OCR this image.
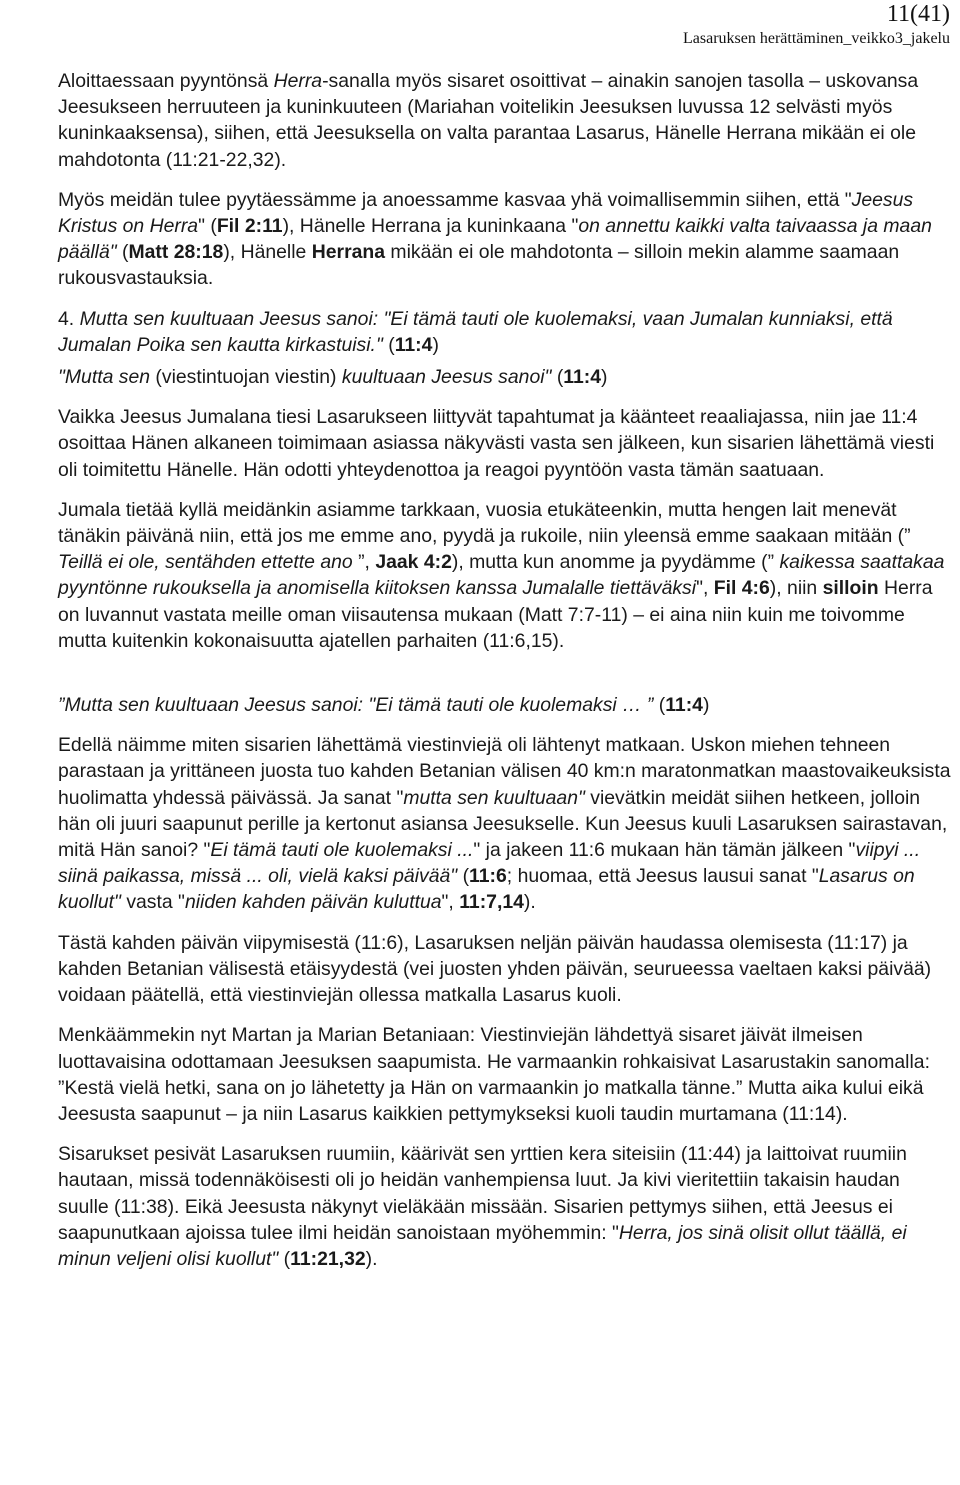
11(41)
Lasaruksen herättäminen_veikko3_jakelu

Aloittaessaan pyyntönsä Herra-sanalla myös sisaret osoittivat – ainakin sanojen tasolla – uskovansa Jeesukseen herruuteen ja kuninkuuteen (Mariahan voitelikin Jeesuksen luvussa 12 selvästi myös kuninkaaksensa), siihen, että Jeesuksella on valta parantaa Lasarus, Hänelle Herrana mikään ei ole mahdotonta (11:21-22,32).

Myös meidän tulee pyytäessämme ja anoessamme kasvaa yhä voimallisemmin siihen, että "Jeesus Kristus on Herra" (Fil 2:11), Hänelle Herrana ja kuninkaana "on annettu kaikki valta taivaassa ja maan päällä" (Matt 28:18), Hänelle Herrana mikään ei ole mahdotonta – silloin mekin alamme saamaan rukousvastauksia.

4. Mutta sen kuultuaan Jeesus sanoi: "Ei tämä tauti ole kuolemaksi, vaan Jumalan kunniaksi, että Jumalan Poika sen kautta kirkastuisi." (11:4)

"Mutta sen (viestintuojan viestin) kuultuaan Jeesus sanoi" (11:4)

Vaikka Jeesus Jumalana tiesi Lasarukseen liittyvät tapahtumat ja käänteet reaaliajassa, niin jae 11:4 osoittaa Hänen alkaneen toimimaan asiassa näkyvästi vasta sen jälkeen, kun sisarien lähettämä viesti oli toimitettu Hänelle. Hän odotti yhteydenottoa ja reagoi pyyntöön vasta tämän saatuaan.

Jumala tietää kyllä meidänkin asiamme tarkkaan, vuosia etukäteenkin, mutta hengen lait menevät tänäkin päivänä niin, että jos me emme ano, pyydä ja rukoile, niin yleensä emme saakaan mitään (” Teillä ei ole, sentähden ettette ano ”, Jaak 4:2), mutta kun anomme ja pyydämme (” kaikessa saattakaa pyyntönne rukouksella ja anomisella kiitoksen kanssa Jumalalle tiettäväksi", Fil 4:6), niin silloin Herra on luvannut vastata meille oman viisautensa mukaan (Matt 7:7-11) – ei aina niin kuin me toivomme mutta kuitenkin kokonaisuutta ajatellen parhaiten (11:6,15).

”Mutta sen kuultuaan Jeesus sanoi: "Ei tämä tauti ole kuolemaksi … ” (11:4)

Edellä näimme miten sisarien lähettämä viestinviejä oli lähtenyt matkaan. Uskon miehen tehneen parastaan ja yrittäneen juosta tuo kahden Betanian välisen 40 km:n maratonmatkan maastovaikeuksista huolimatta yhdessä päivässä. Ja sanat "mutta sen kuultuaan" vievätkin meidät siihen hetkeen, jolloin hän oli juuri saapunut perille ja kertonut asiansa Jeesukselle. Kun Jeesus kuuli Lasaruksen sairastavan, mitä Hän sanoi? "Ei tämä tauti ole kuolemaksi ..." ja jakeen 11:6 mukaan hän tämän jälkeen "viipyi ... siinä paikassa, missä ... oli, vielä kaksi päivää" (11:6; huomaa, että Jeesus lausui sanat "Lasarus on kuollut" vasta "niiden kahden päivän kuluttua", 11:7,14).

Tästä kahden päivän viipymisestä (11:6), Lasaruksen neljän päivän haudassa olemisesta (11:17) ja kahden Betanian välisestä etäisyydestä (vei juosten yhden päivän, seurueessa vaeltaen kaksi päivää) voidaan päätellä, että viestinviejän ollessa matkalla Lasarus kuoli.

Menkäämmekin nyt Martan ja Marian Betaniaan: Viestinviejän lähdettyä sisaret jäivät ilmeisen luottavaisina odottamaan Jeesuksen saapumista. He varmaankin rohkaisivat Lasarustakin sanomalla: ”Kestä vielä hetki, sana on jo lähetetty ja Hän on varmaankin jo matkalla tänne.” Mutta aika kului eikä Jeesusta saapunut – ja niin Lasarus kaikkien pettymykseksi kuoli taudin murtamana (11:14).

Sisarukset pesivät Lasaruksen ruumiin, käärivät sen yrttien kera siteisiin (11:44) ja laittoivat ruumiin hautaan, missä todennäköisesti oli jo heidän vanhempiensa luut. Ja kivi vieritettiin takaisin haudan suulle (11:38). Eikä Jeesusta näkynyt vieläkään missään. Sisarien pettymys siihen, että Jeesus ei saapunutkaan ajoissa tulee ilmi heidän sanoistaan myöhemmin: "Herra, jos sinä olisit ollut täällä, ei minun veljeni olisi kuollut" (11:21,32).
